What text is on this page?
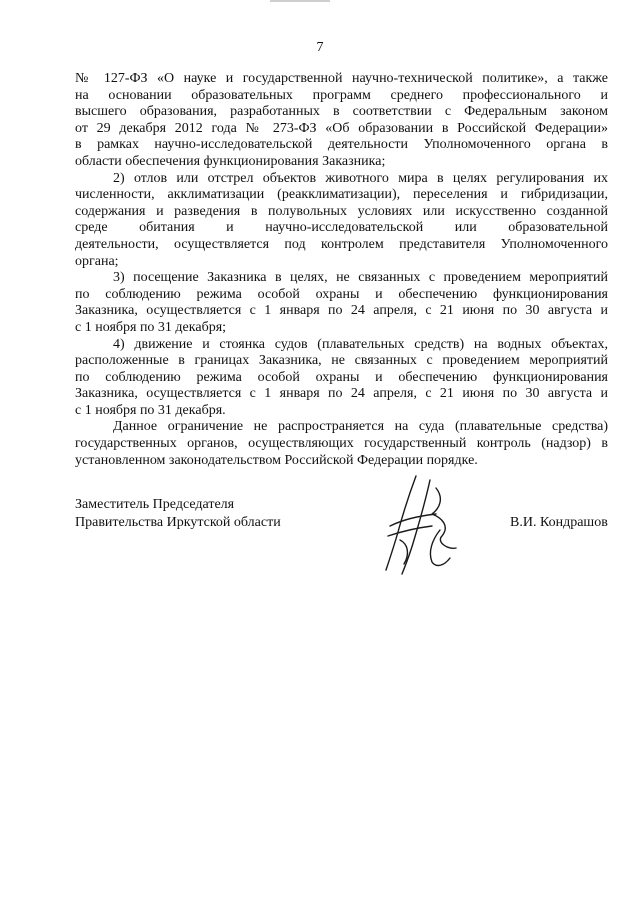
7
№ 127-ФЗ «О науке и государственной научно-технической политике», а также
на основании образовательных программ среднего профессионального и
высшего образования, разработанных в соответствии с Федеральным законом
от 29 декабря 2012 года № 273-ФЗ «Об образовании в Российской Федерации»
в рамках научно-исследовательской деятельности Уполномоченного органа в
области обеспечения функционирования Заказника;
2) отлов или отстрел объектов животного мира в целях регулирования их
численности, акклиматизации (реакклиматизации), переселения и гибридизации,
содержания и разведения в полувольных условиях или искусственно созданной
среде обитания и научно-исследовательской или образовательной
деятельности, осуществляется под контролем представителя Уполномоченного
органа;
3) посещение Заказника в целях, не связанных с проведением мероприятий
по соблюдению режима особой охраны и обеспечению функционирования
Заказника, осуществляется с 1 января по 24 апреля, с 21 июня по 30 августа и
с 1 ноября по 31 декабря;
4) движение и стоянка судов (плавательных средств) на водных объектах,
расположенные в границах Заказника, не связанных с проведением мероприятий
по соблюдению режима особой охраны и обеспечению функционирования
Заказника, осуществляется с 1 января по 24 апреля, с 21 июня по 30 августа и
с 1 ноября по 31 декабря.
Данное ограничение не распространяется на суда (плавательные средства)
государственных органов, осуществляющих государственный контроль (надзор) в
установленном законодательством Российской Федерации порядке.
Заместитель Председателя
Правительства Иркутской области	В.И. Кондрашов
